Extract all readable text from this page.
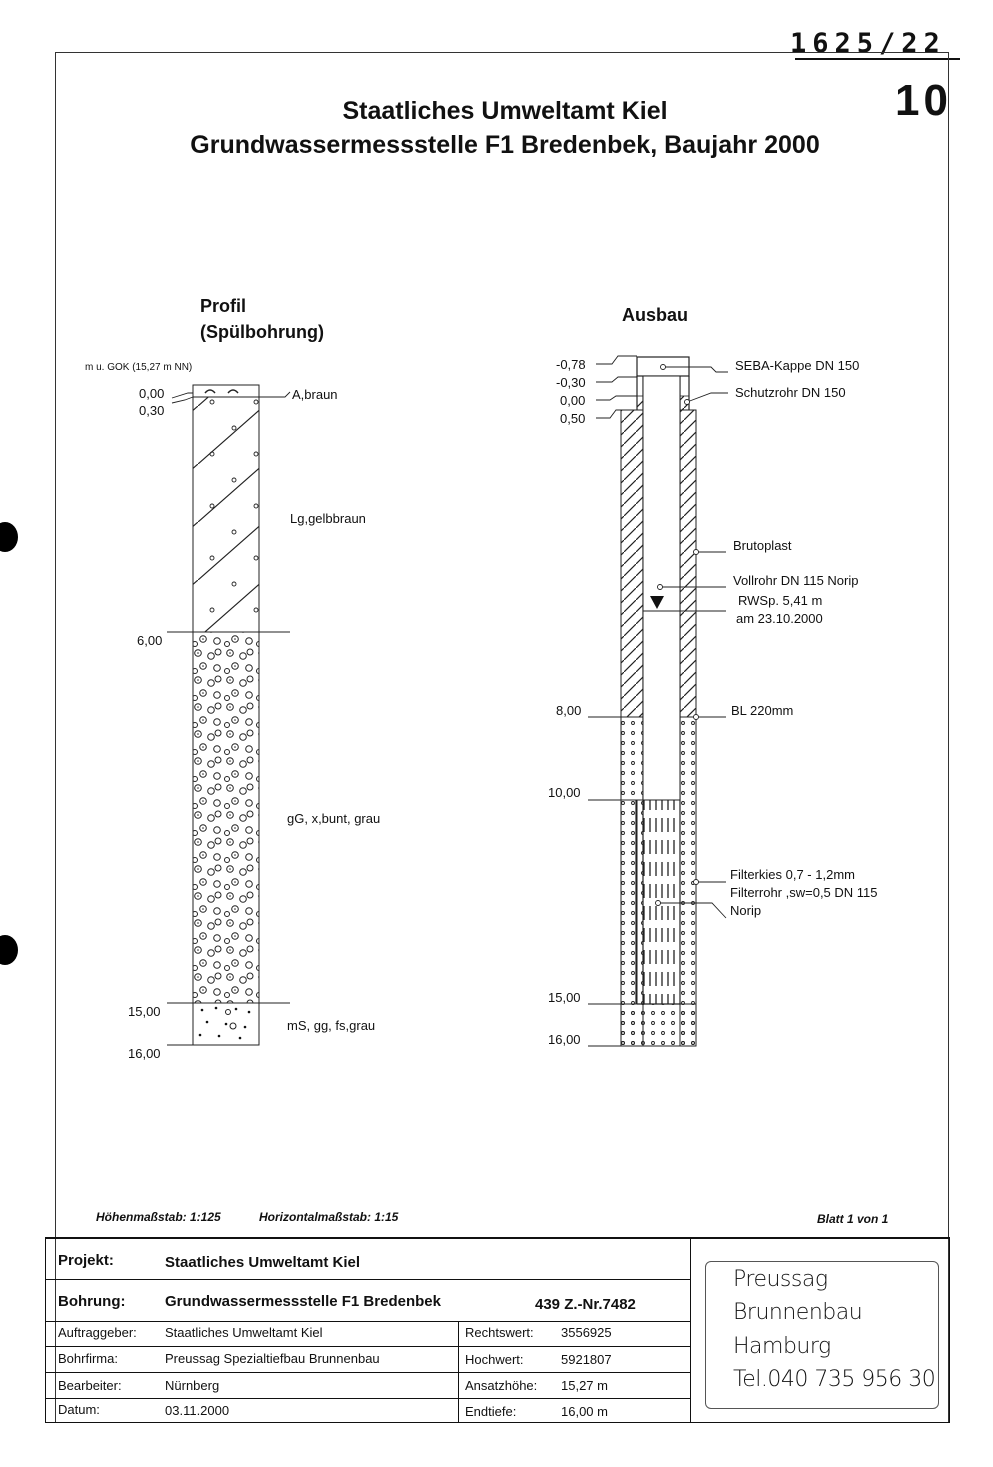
1625/22
10
Staatliches Umweltamt Kiel
Grundwassermessstelle F1 Bredenbek, Baujahr 2000
Profil
(Spülbohrung)
Ausbau
m u. GOK (15,27 m NN)
0,00
0,30
6,00
15,00
16,00
A,braun
Lg,gelbbraun
gG, x,bunt, grau
mS, gg, fs,grau
-0,78
-0,30
0,00
0,50
8,00
10,00
15,00
16,00
SEBA-Kappe DN 150
Schutzrohr DN 150
Brutoplast
Vollrohr DN 115 Norip
RWSp. 5,41 m
am 23.10.2000
BL 220mm
Filterkies 0,7 - 1,2mm
Filterrohr ,sw=0,5 DN 115
Norip
Höhenmaßstab: 1:125	Horizontalmaßstab: 1:15	Blatt 1 von 1
Projekt:	Staatliches Umweltamt Kiel
Bohrung:	Grundwassermessstelle F1 Bredenbek	439 Z.-Nr.7482
Auftraggeber: Staatliches Umweltamt Kiel	Rechtswert: 3556925
Bohrfirma:	Preussag Spezialtiefbau Brunnenbau	Hochwert:	5921807
Bearbeiter:	Nürnberg	Ansatzhöhe: 15,27 m
Datum:	03.11.2000	Endtiefe:	16,00 m
Preussag
Brunnenbau
Hamburg
Tel.040 735 956 30
